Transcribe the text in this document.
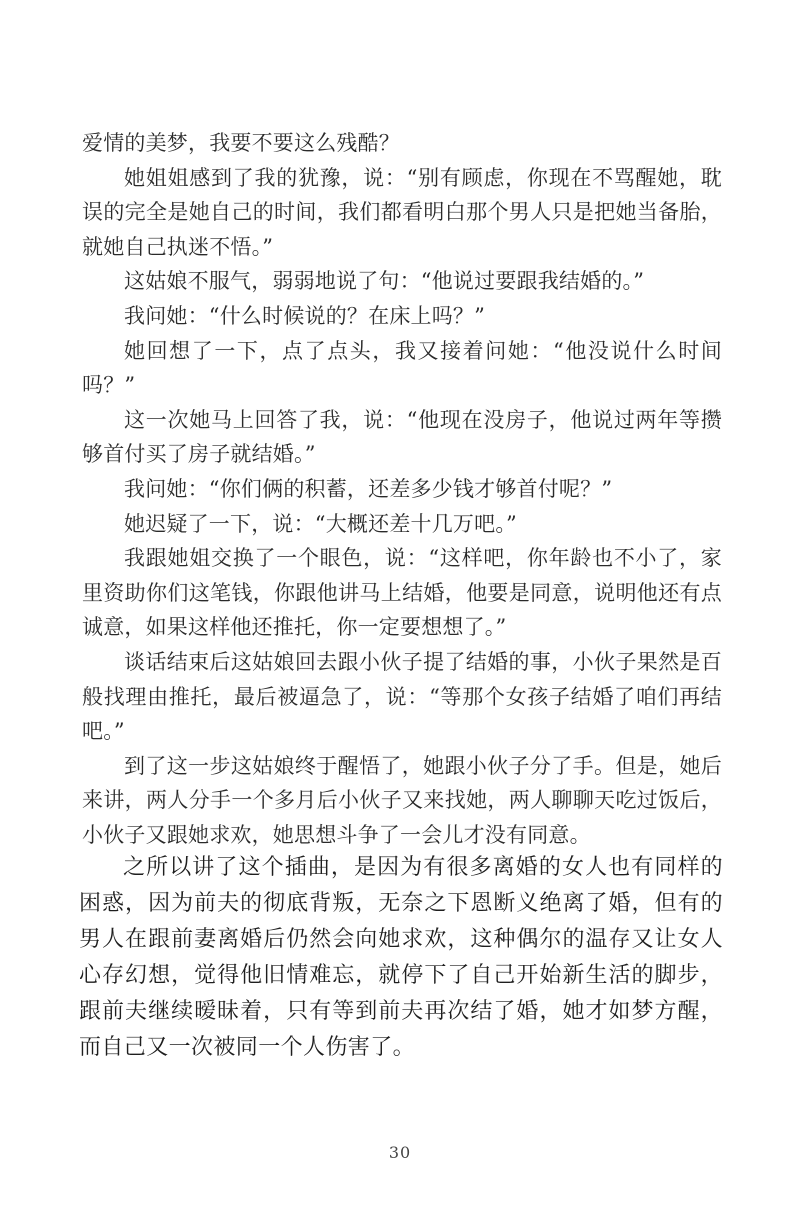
爱情的美梦，我要不要这么残酷？

她姐姐感到了我的犹豫，说：“别有顾虑，你现在不骂醒她，耽误的完全是她自己的时间，我们都看明白那个男人只是把她当备胎，就她自己执迷不悟。”

这姑娘不服气，弱弱地说了句：“他说过要跟我结婚的。”

我问她：“什么时候说的？在床上吗？”

她回想了一下，点了点头，我又接着问她：“他没说什么时间吗？”

这一次她马上回答了我，说：“他现在没房子，他说过两年等攒够首付买了房子就结婚。”

我问她：“你们俩的积蓄，还差多少钱才够首付呢？”

她迟疑了一下，说：“大概还差十几万吧。”

我跟她姐交换了一个眼色，说：“这样吧，你年龄也不小了，家里资助你们这笔钱，你跟他讲马上结婚，他要是同意，说明他还有点诚意，如果这样他还推托，你一定要想想了。”

谈话结束后这姑娘回去跟小伙子提了结婚的事，小伙子果然是百般找理由推托，最后被逼急了，说：“等那个女孩子结婚了咱们再结吧。”

到了这一步这姑娘终于醒悟了，她跟小伙子分了手。但是，她后来讲，两人分手一个多月后小伙子又来找她，两人聊聊天吃过饭后，小伙子又跟她求欢，她思想斗争了一会儿才没有同意。

之所以讲了这个插曲，是因为有很多离婚的女人也有同样的困惑，因为前夫的彻底背叛，无奈之下恩断义绝离了婚，但有的男人在跟前妻离婚后仍然会向她求欢，这种偶尔的温存又让女人心存幻想，觉得他旧情难忘，就停下了自己开始新生活的脚步，跟前夫继续暧昧着，只有等到前夫再次结了婚，她才如梦方醒，而自己又一次被同一个人伤害了。

30
